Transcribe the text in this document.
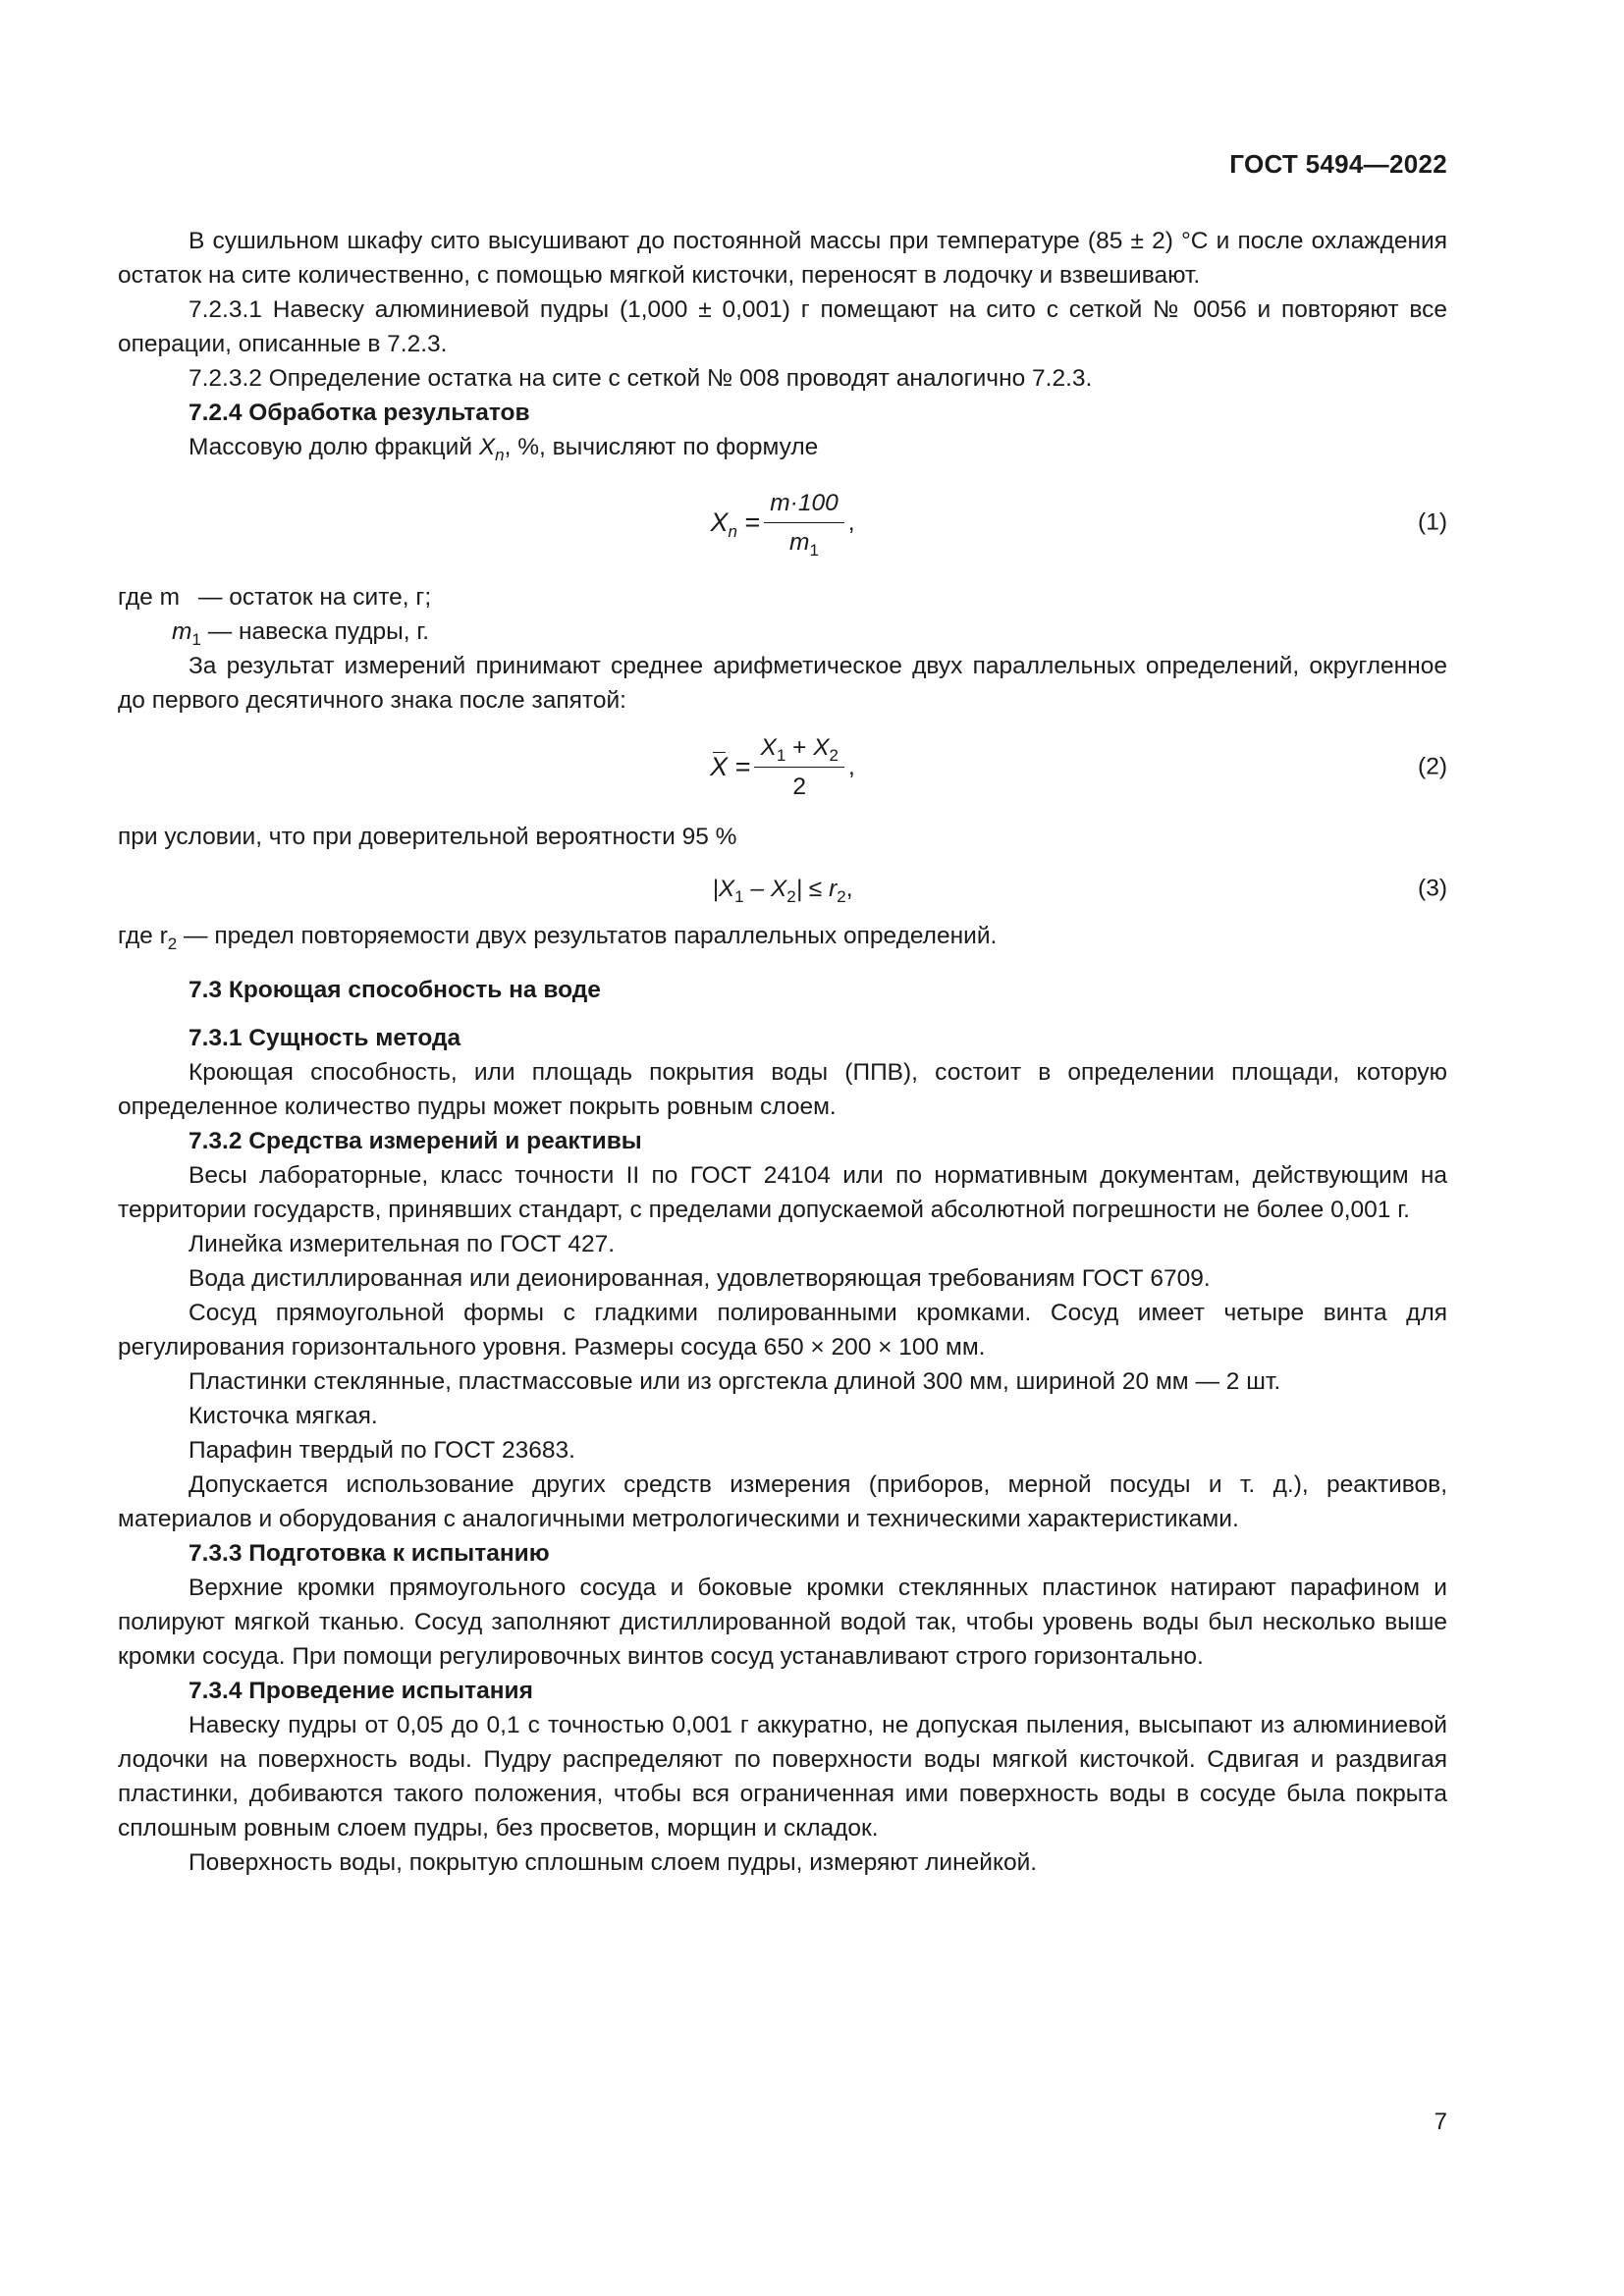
ГОСТ 5494—2022

В сушильном шкафу сито высушивают до постоянной массы при температуре (85 ± 2) °С и после охлаждения остаток на сите количественно, с помощью мягкой кисточки, переносят в лодочку и взвешивают.

7.2.3.1 Навеску алюминиевой пудры (1,000 ± 0,001) г помещают на сито с сеткой № 0056 и повторяют все операции, описанные в 7.2.3.

7.2.3.2 Определение остатка на сите с сеткой № 008 проводят аналогично 7.2.3.

7.2.4 Обработка результатов

Массовую долю фракций $X_n$, %, вычисляют по формуле

$X_n = \frac{m\cdot 100}{m_1}$ ,	(1)
где m — остаток на сите, г;
$m_1$ — навеска пудры, г.

За результат измерений принимают среднее арифметическое двух параллельных определений, округленное до первого десятичного знака после запятой:

$X = \frac{X_1 + X_2}{2}$ ,	(2)

при условии, что при доверительной вероятности 95 %

$|X_1 - X_2| \le r_2$,	(3)

где $r_2$ — предел повторяемости двух результатов параллельных определений.

7.3 Кроющая способность на воде
7.3.1 Сущность метода

Кроющая способность, или площадь покрытия воды (ППВ), состоит в определении площади, которую определенное количество пудры может покрыть ровным слоем.

7.3.2 Средства измерений и реактивы

Весы лабораторные, класс точности II по ГОСТ 24104 или по нормативным документам, действующим на территории государств, принявших стандарт, с пределами допускаемой абсолютной погрешности не более 0,001 г.

Линейка измерительная по ГОСТ 427.

Вода дистиллированная или деионированная, удовлетворяющая требованиям ГОСТ 6709.

Сосуд прямоугольной формы с гладкими полированными кромками. Сосуд имеет четыре винта для регулирования горизонтального уровня. Размеры сосуда 650 × 200 × 100 мм.

Пластинки стеклянные, пластмассовые или из оргстекла длиной 300 мм, шириной 20 мм — 2 шт.

Кисточка мягкая.

Парафин твердый по ГОСТ 23683.

Допускается использование других средств измерения (приборов, мерной посуды и т. д.), реактивов, материалов и оборудования с аналогичными метрологическими и техническими характеристиками.

7.3.3 Подготовка к испытанию

Верхние кромки прямоугольного сосуда и боковые кромки стеклянных пластинок натирают парафином и полируют мягкой тканью. Сосуд заполняют дистиллированной водой так, чтобы уровень воды был несколько выше кромки сосуда. При помощи регулировочных винтов сосуд устанавливают строго горизонтально.

7.3.4 Проведение испытания

Навеску пудры от 0,05 до 0,1 с точностью 0,001 г аккуратно, не допуская пыления, высыпают из алюминиевой лодочки на поверхность воды. Пудру распределяют по поверхности воды мягкой кисточкой. Сдвигая и раздвигая пластинки, добиваются такого положения, чтобы вся ограниченная ими поверхность воды в сосуде была покрыта сплошным ровным слоем пудры, без просветов, морщин и складок.

Поверхность воды, покрытую сплошным слоем пудры, измеряют линейкой.

7
